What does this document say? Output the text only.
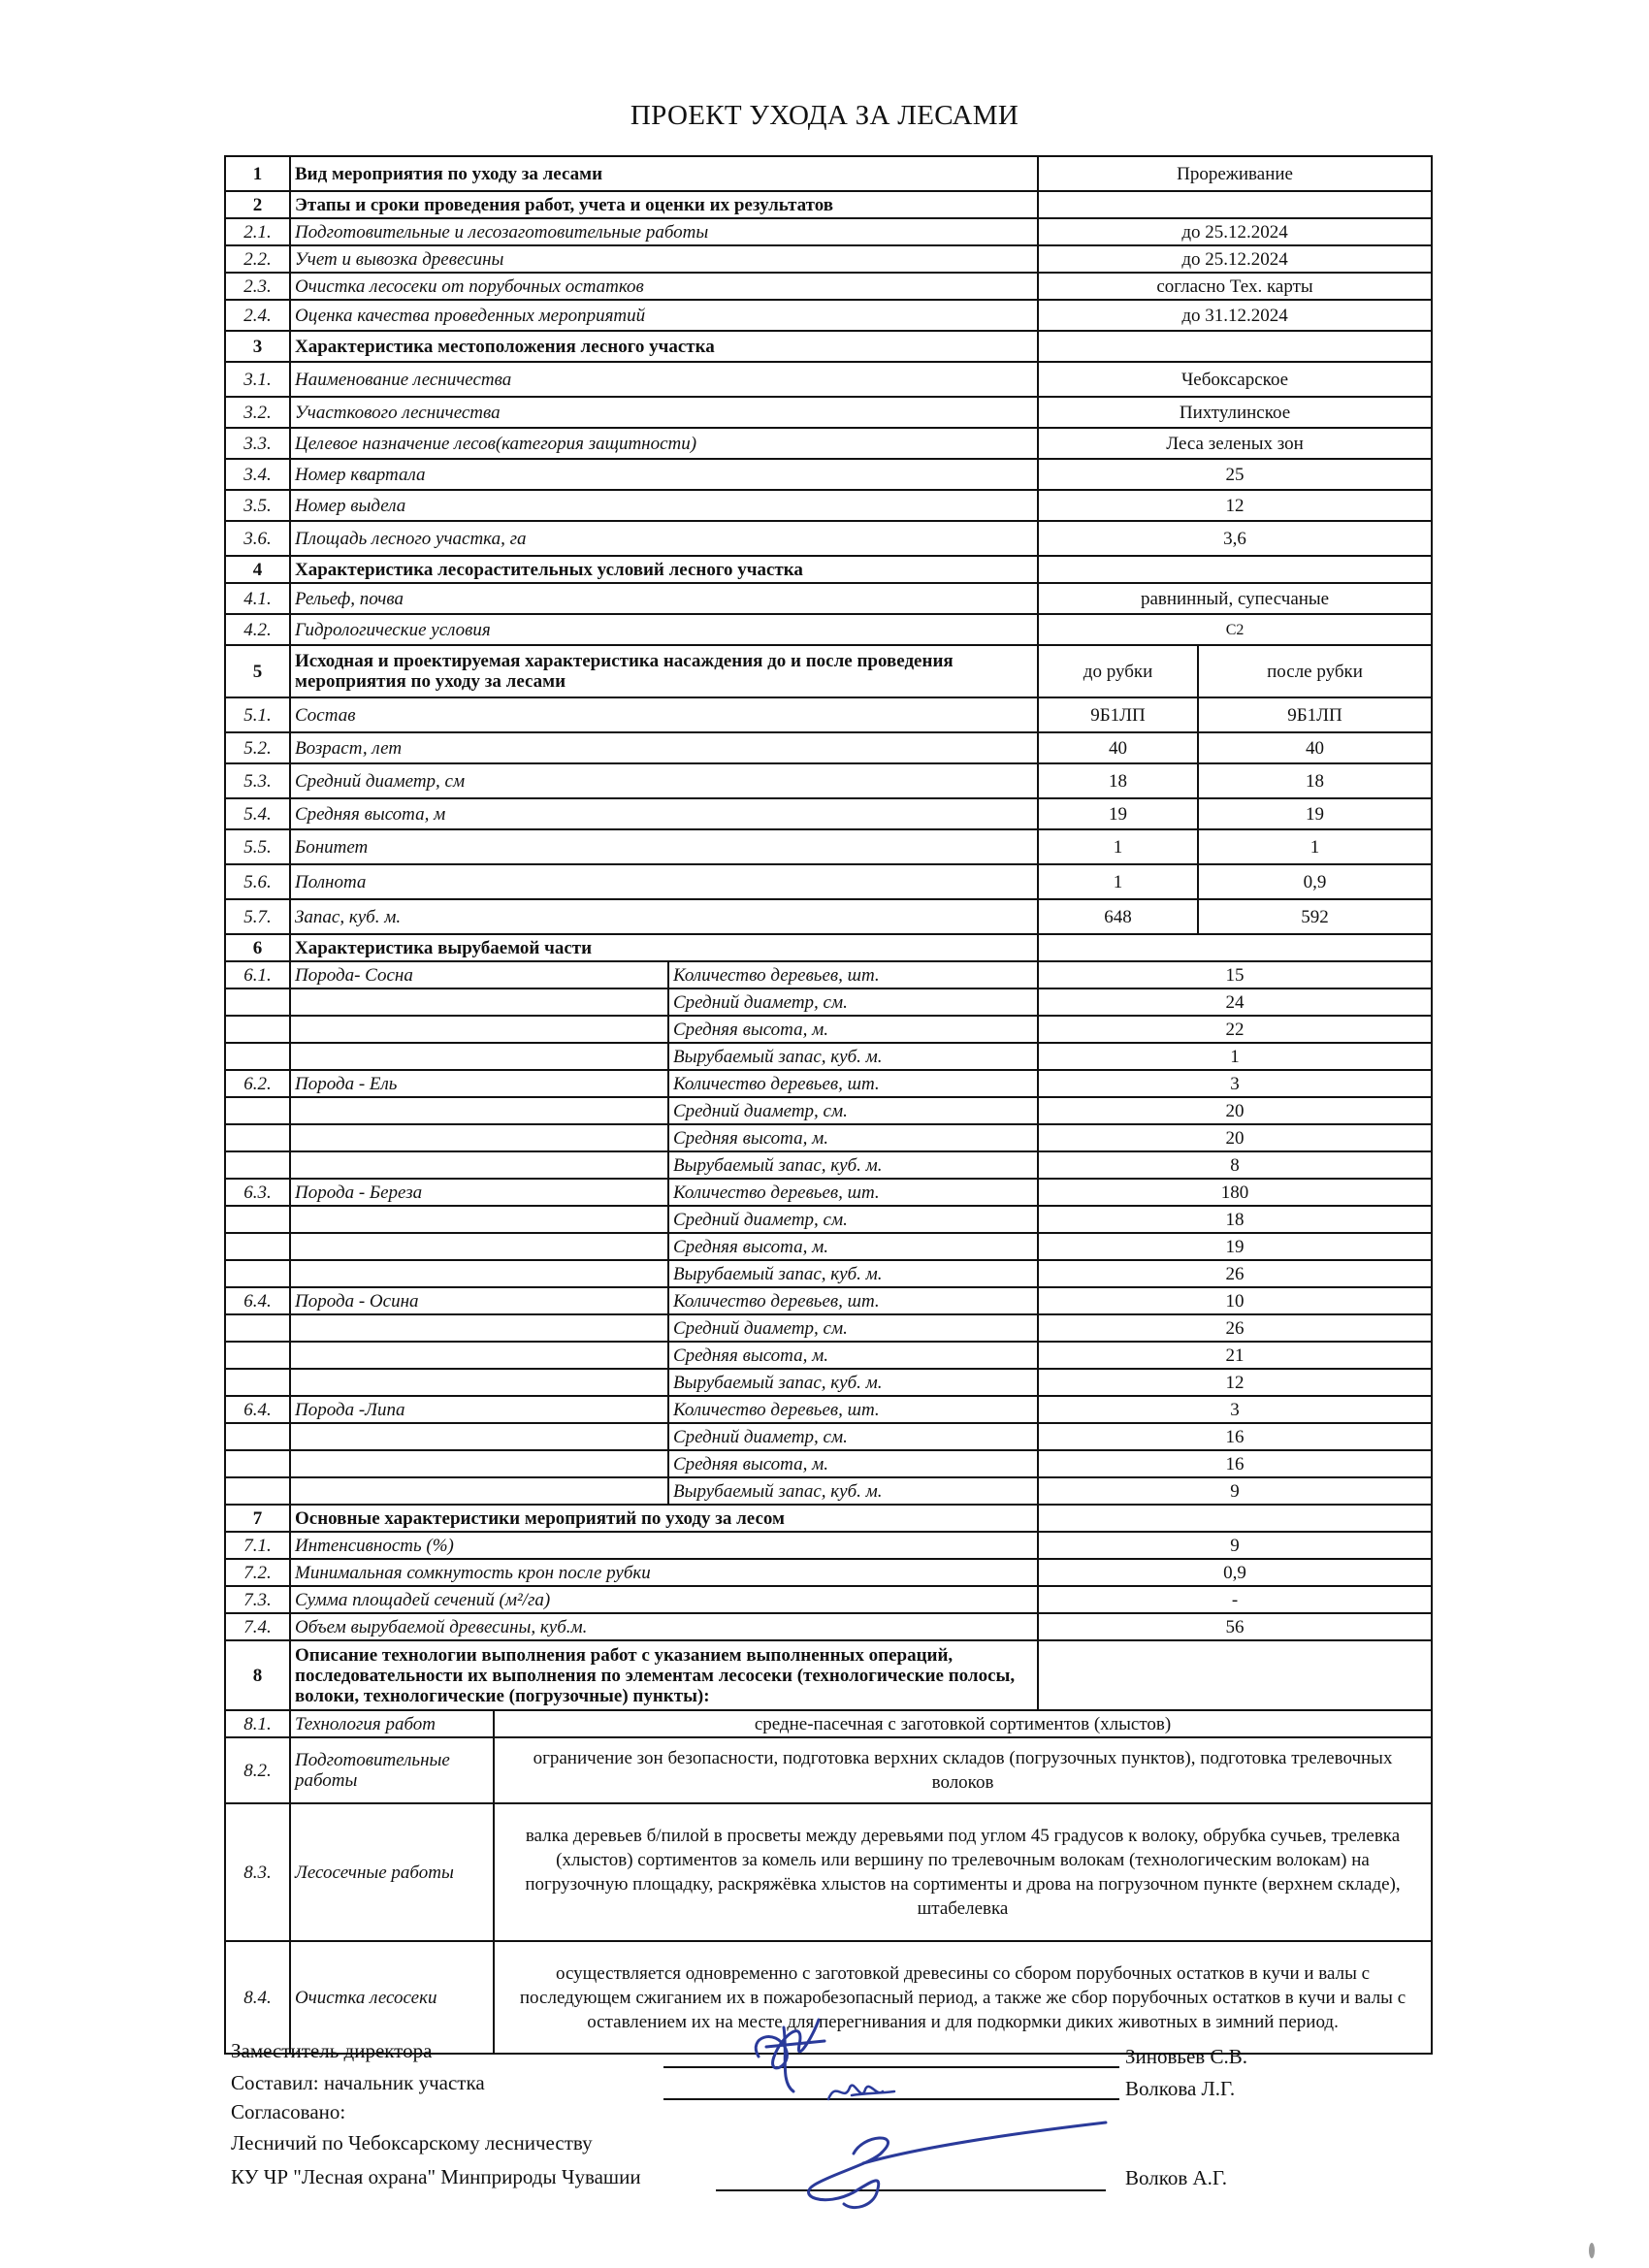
ПРОЕКТ УХОДА ЗА ЛЕСАМИ
1	Вид мероприятия по уходу за лесами			Прореживание	
2	Этапы и сроки проведения работ, учета и оценки их результатов				
2.1.	Подготовительные и лесозаготовительные работы			до 25.12.2024	
2.2.	Учет и вывозка древесины			до 25.12.2024	
2.3.	Очистка лесосеки от порубочных остатков			согласно Тех. карты	
2.4.	Оценка качества проведенных мероприятий			до 31.12.2024	
3	Характеристика местоположения лесного участка				
3.1.	Наименование лесничества			Чебоксарское	
3.2.	Участкового лесничества			Пихтулинское	
3.3.	Целевое назначение лесов(категория защитности)			Леса зеленых зон	
3.4.	Номер квартала			25	
3.5.	Номер выдела			12	
3.6.	Площадь лесного участка, га			3,6	
4	Характеристика лесорастительных условий лесного участка				
4.1.	Рельеф, почва			равнинный, супесчаные	
4.2.	Гидрологические условия			С2	
5	Исходная и проектируемая характеристика насаждения до и после проведения мероприятия по уходу за лесами			до рубки	после рубки
5.1.	Состав			9Б1ЛП	9Б1ЛП
5.2.	Возраст, лет			40	40
5.3.	Средний диаметр, см			18	18
5.4.	Средняя высота, м			19	19
5.5.	Бонитет			1	1
5.6.	Полнота			1	0,9
5.7.	Запас, куб. м.			648	592
6	Характеристика вырубаемой части				
6.1.	Порода- Сосна		Количество деревьев, шт.	15	
			Средний диаметр, см.	24	
			Средняя высота, м.	22	
			Вырубаемый запас, куб. м.	1	
6.2.	Порода - Ель		Количество деревьев, шт.	3	
			Средний диаметр, см.	20	
			Средняя высота, м.	20	
			Вырубаемый запас, куб. м.	8	
6.3.	Порода - Береза		Количество деревьев, шт.	180	
			Средний диаметр, см.	18	
			Средняя высота, м.	19	
			Вырубаемый запас, куб. м.	26	
6.4.	Порода - Осина		Количество деревьев, шт.	10	
			Средний диаметр, см.	26	
			Средняя высота, м.	21	
			Вырубаемый запас, куб. м.	12	
6.4.	Порода -Липа		Количество деревьев, шт.	3	
			Средний диаметр, см.	16	
			Средняя высота, м.	16	
			Вырубаемый запас, куб. м.	9	
7	Основные характеристики мероприятий по уходу за лесом				
7.1.	Интенсивность (%)			9	
7.2.	Минимальная сомкнутость крон после рубки			0,9	
7.3.	Сумма площадей сечений (м²/га)			-	
7.4.	Объем вырубаемой древесины, куб.м.			56	
8	Описание технологии выполнения работ с указанием выполненных операций, последовательности их выполнения по элементам лесосеки (технологические полосы, волоки, технологические (погрузочные) пункты):				
8.1.	Технология работ	средне-пасечная с заготовкой сортиментов (хлыстов)			
8.2.	Подготовительные работы	ограничение зон безопасности, подготовка верхних складов (погрузочных пунктов), подготовка трелевочных волоков			
8.3.	Лесосечные работы	валка деревьев б/пилой в просветы между деревьями под углом 45 градусов к волоку, обрубка сучьев, трелевка (хлыстов) сортиментов за комель или вершину по трелевочным волокам (технологическим волокам) на погрузочную площадку, раскряжёвка хлыстов на сортименты и дрова на погрузочном пункте (верхнем складе), штабелевка			
8.4.	Очистка лесосеки	осуществляется одновременно с заготовкой древесины со сбором порубочных остатков в кучи и валы с последующем сжиганием их в пожаробезопасный период, а также же сбор порубочных остатков в кучи и валы с оставлением их на месте для перегнивания и для подкормки диких животных в зимний период.			
Заместитель директора	Зиновьев С.В.
Составил: начальник участка	Волкова Л.Г.
Согласовано:
Лесничий по Чебоксарскому лесничеству
КУ ЧР "Лесная охрана" Минприроды Чувашии	Волков А.Г.
